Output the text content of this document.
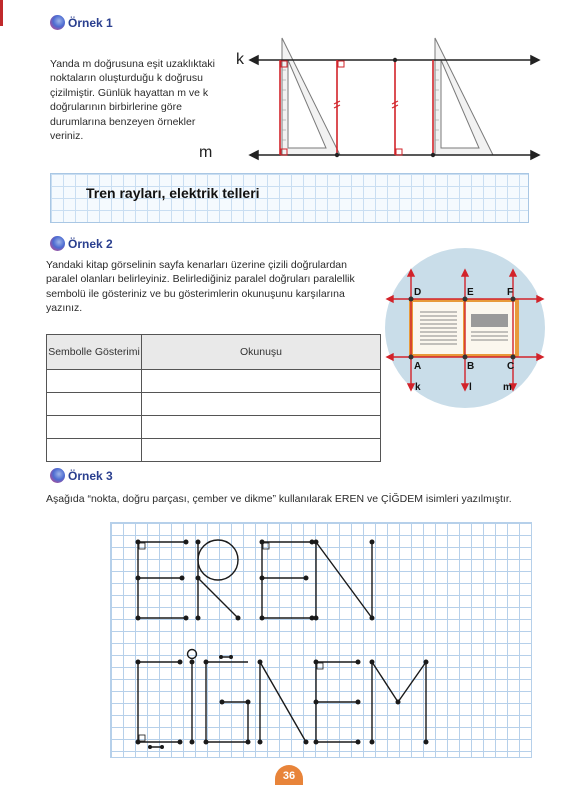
Örnek 1
Yanda m doğrusuna eşit uzaklıktaki noktaların oluşturduğu k doğrusu çizilmiştir. Günlük hayattan m ve k doğrularının birbirlerine göre durumlarına benzeyen örnekler veriniz.
k
m
Tren rayları, elektrik telleri
Örnek 2
Yandaki kitap görselinin sayfa kenarları üzerine çizili doğrulardan paralel olanları belirleyiniz. Belirlediğiniz paralel doğruları paralellik sembolü ile gösteriniz ve bu gösterimlerin okunuşunu karşılarına yazınız.
Sembolle Gösterimi	Okunuşu

D	E	F
A	B	C
k	l	m
Örnek 3
Aşağıda “nokta, doğru parçası, çember ve dikme” kullanılarak EREN ve ÇİĞDEM isimleri yazılmıştır.
36
